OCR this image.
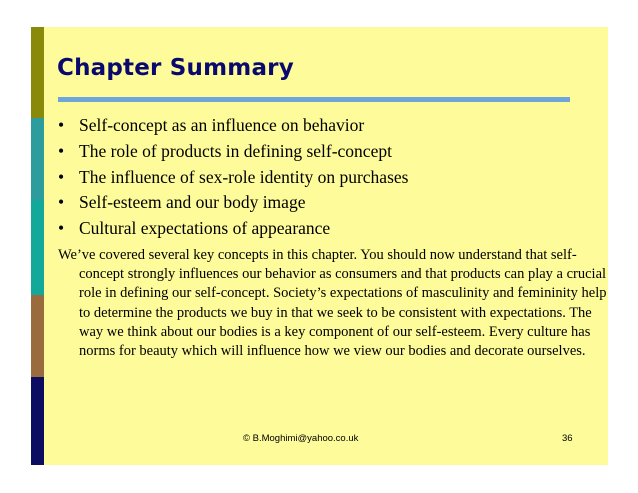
Chapter Summary
• Self-concept as an influence on behavior
• The role of products in defining self-concept
• The influence of sex-role identity on purchases
• Self-esteem and our body image
• Cultural expectations of appearance

We’ve covered several key concepts in this chapter. You should now understand that self-concept strongly influences our behavior as consumers and that products can play a crucial role in defining our self-concept. Society’s expectations of masculinity and femininity help to determine the products we buy in that we seek to be consistent with expectations. The way we think about our bodies is a key component of our self-esteem. Every culture has norms for beauty which will influence how we view our bodies and decorate ourselves.

© B.Moghimi@yahoo.co.uk	36
